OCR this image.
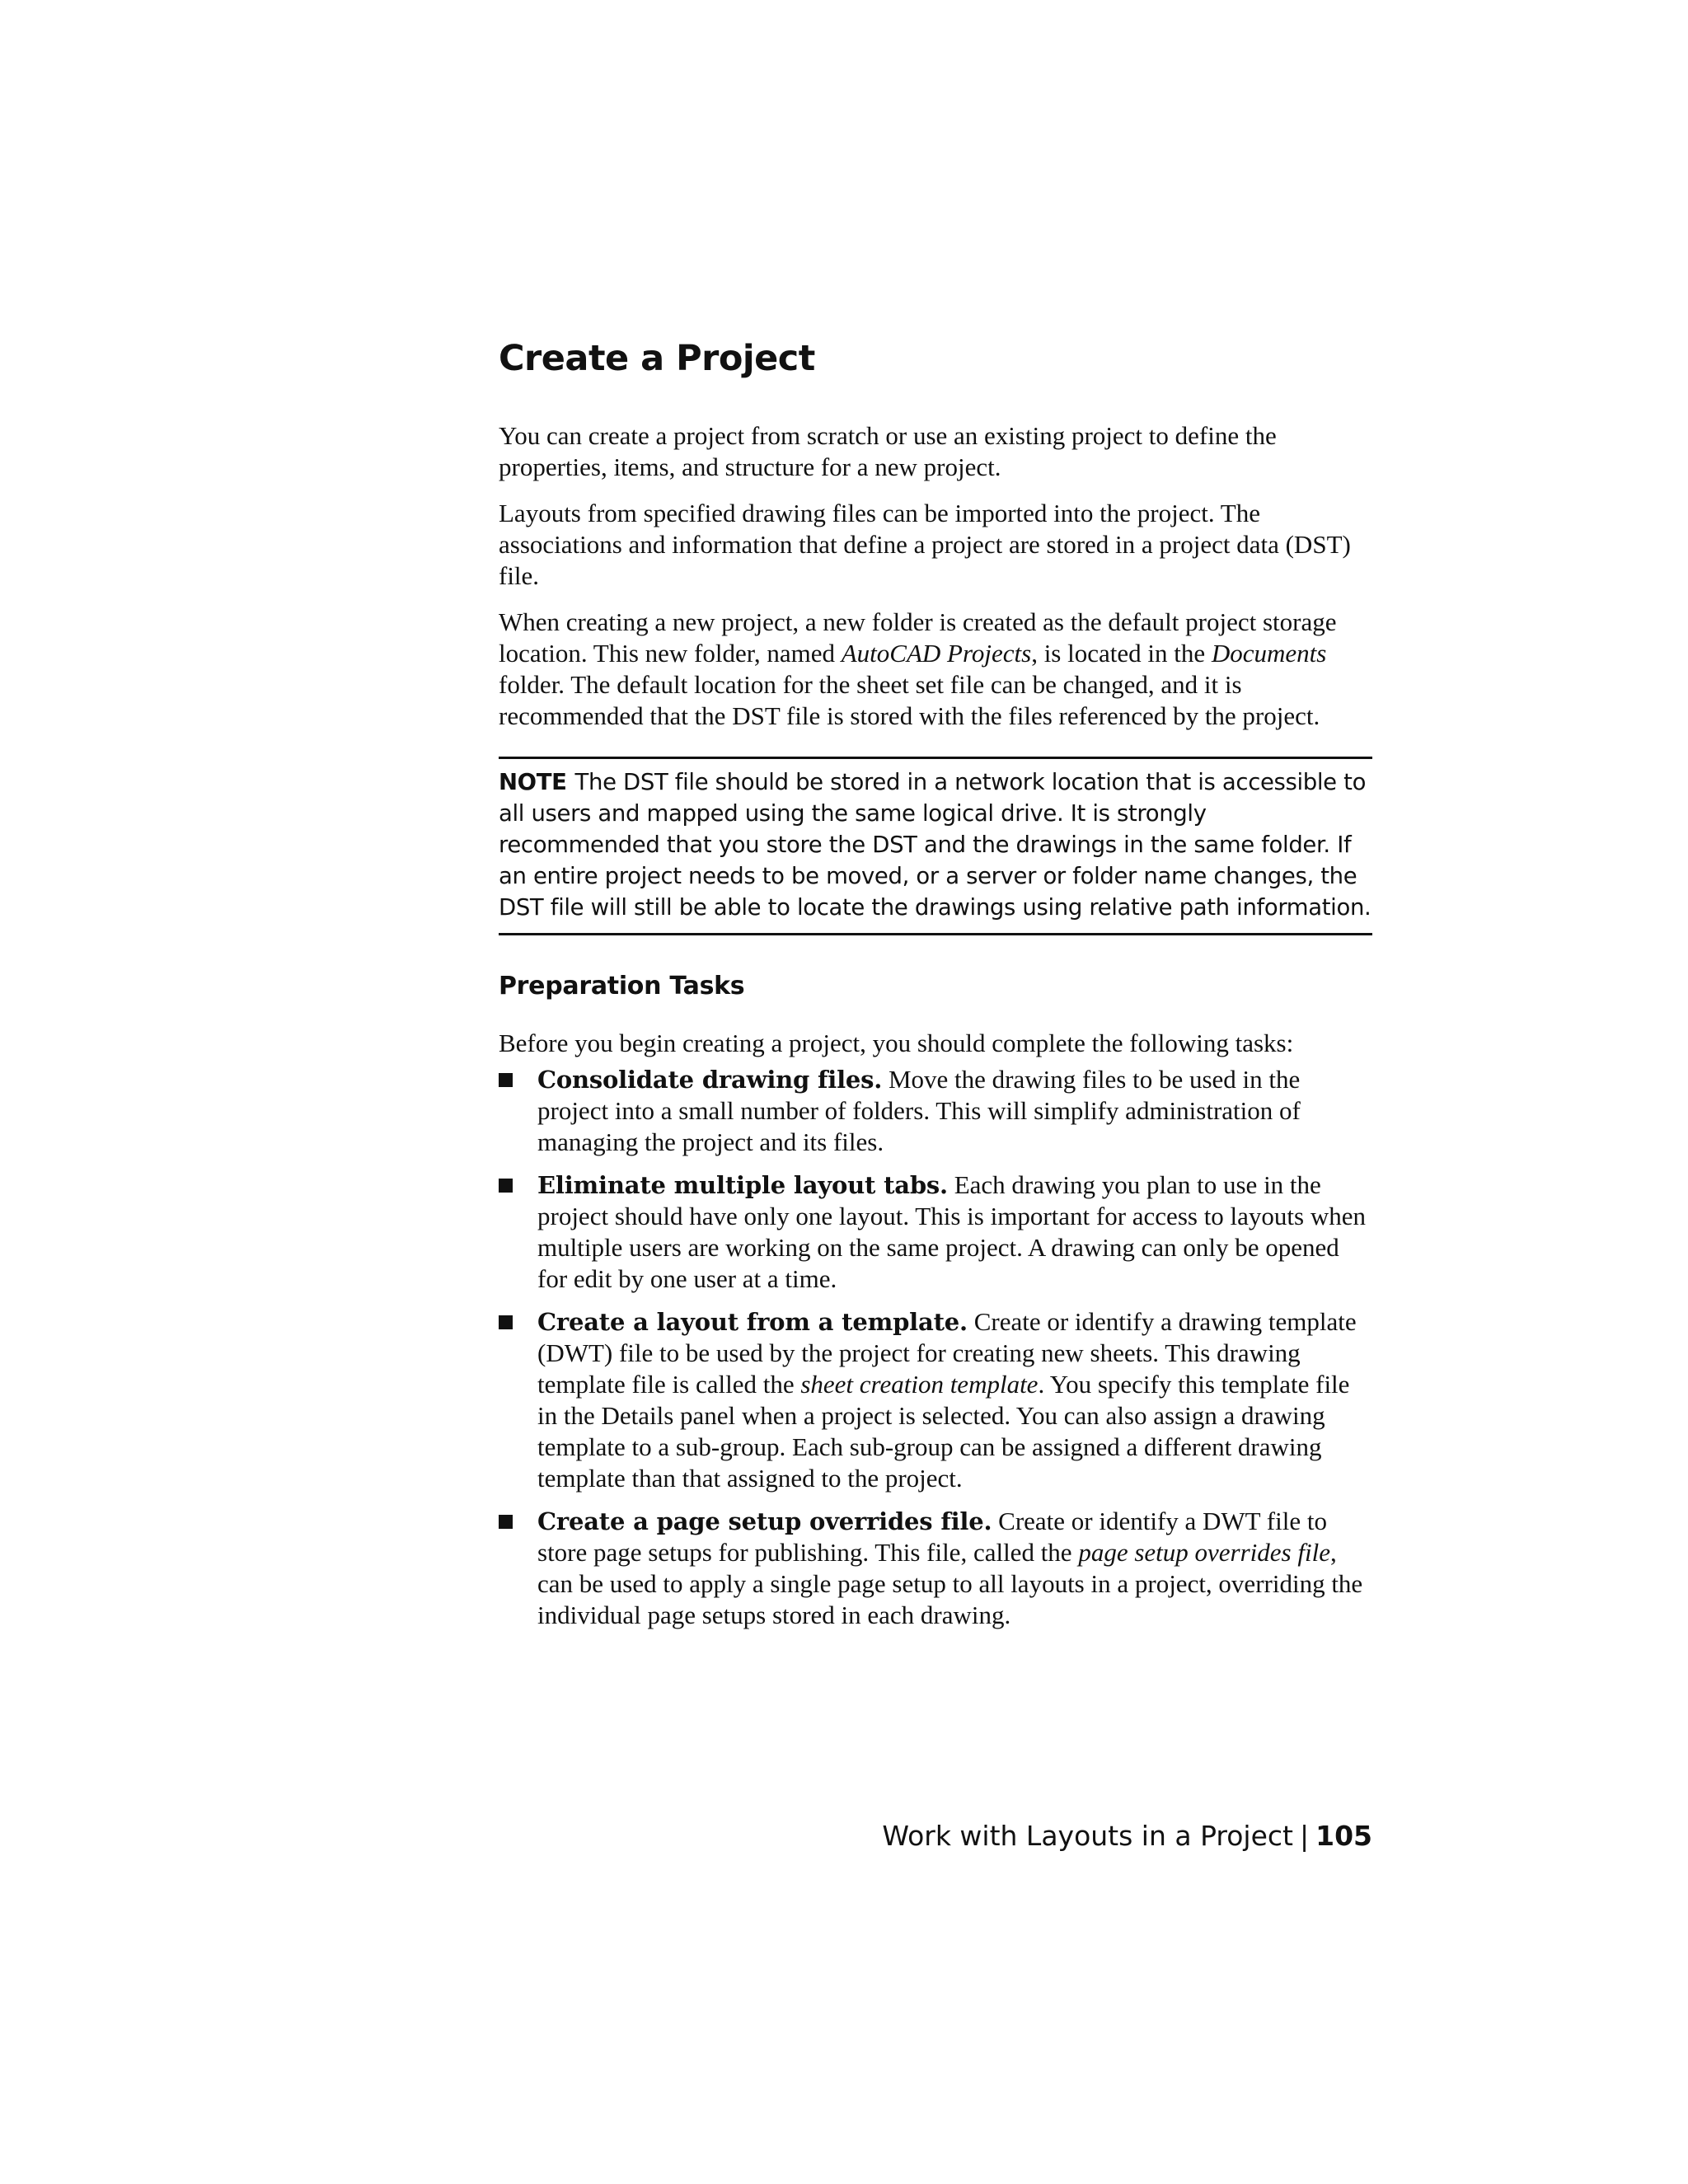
Create a Project

You can create a project from scratch or use an existing project to define the properties, items, and structure for a new project.

Layouts from specified drawing files can be imported into the project. The associations and information that define a project are stored in a project data (DST) file.

When creating a new project, a new folder is created as the default project storage location. This new folder, named AutoCAD Projects, is located in the Documents folder. The default location for the sheet set file can be changed, and it is recommended that the DST file is stored with the files referenced by the project.

NOTE The DST file should be stored in a network location that is accessible to all users and mapped using the same logical drive. It is strongly recommended that you store the DST and the drawings in the same folder. If an entire project needs to be moved, or a server or folder name changes, the DST file will still be able to locate the drawings using relative path information.
Preparation Tasks

Before you begin creating a project, you should complete the following tasks:

Consolidate drawing files. Move the drawing files to be used in the project into a small number of folders. This will simplify administration of managing the project and its files.
Eliminate multiple layout tabs. Each drawing you plan to use in the project should have only one layout. This is important for access to layouts when multiple users are working on the same project. A drawing can only be opened for edit by one user at a time.
Create a layout from a template. Create or identify a drawing template (DWT) file to be used by the project for creating new sheets. This drawing template file is called the sheet creation template. You specify this template file in the Details panel when a project is selected. You can also assign a drawing template to a sub-group. Each sub-group can be assigned a different drawing template than that assigned to the project.
Create a page setup overrides file. Create or identify a DWT file to store page setups for publishing. This file, called the page setup overrides file, can be used to apply a single page setup to all layouts in a project, overriding the individual page setups stored in each drawing.
Work with Layouts in a Project | 105
